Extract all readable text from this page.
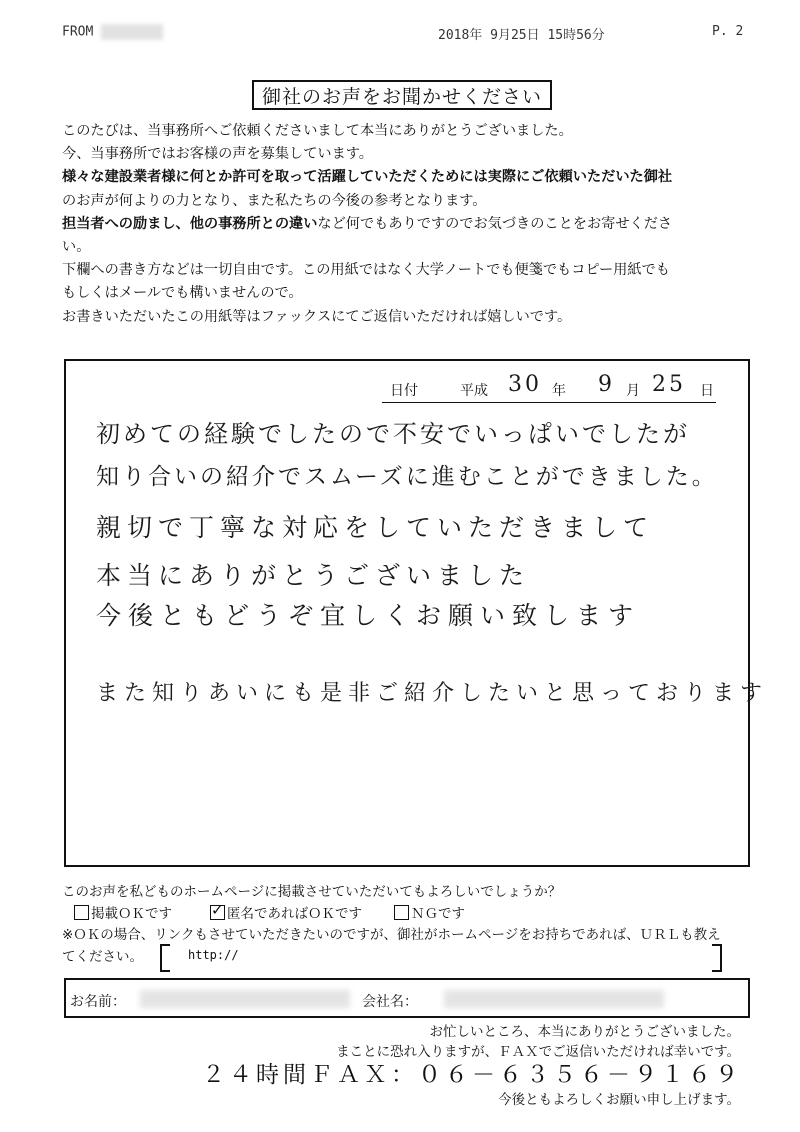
FROM	2018年 9月25日 15時56分	P. 2
御社のお声をお聞かせください
このたびは、当事務所へご依頼くださいまして本当にありがとうございました。
今、当事務所ではお客様の声を募集しています。
様々な建設業者様に何とか許可を取って活躍していただくためには実際にご依頼いただいた御社
のお声が何よりの力となり、また私たちの今後の参考となります。
担当者への励まし、他の事務所との違いなど何でもありですのでお気づきのことをお寄せくださ
い。
下欄への書き方などは一切自由です。この用紙ではなく大学ノートでも便箋でもコピー用紙でも
もしくはメールでも構いませんので。
お書きいただいたこの用紙等はファックスにてご返信いただければ嬉しいです。
日付	平成 30 年 9 月 25 日
初めての経験でしたので不安でいっぱいでしたが
知り合いの紹介でスムーズに進むことができました。
親切で丁寧な対応をしていただきまして
本当にありがとうございました
今後ともどうぞ宜しくお願い致します
また知りあいにも是非ご紹介したいと思っております
このお声を私どものホームページに掲載させていただいてもよろしいでしょうか？
掲載ＯＫです
✓	匿名であればＯＫです	ＮＧです
※ＯＫの場合、リンクもさせていただきたいのですが、御社がホームページをお持ちであれば、ＵＲＬも教え
てください。	http://
お名前：	会社名：
お忙しいところ、本当にありがとうございました。
まことに恐れ入りますが、ＦＡＸでご返信いただければ幸いです。
２４時間ＦＡＸ：０６－６３５６－９１６９
今後ともよろしくお願い申し上げます。
